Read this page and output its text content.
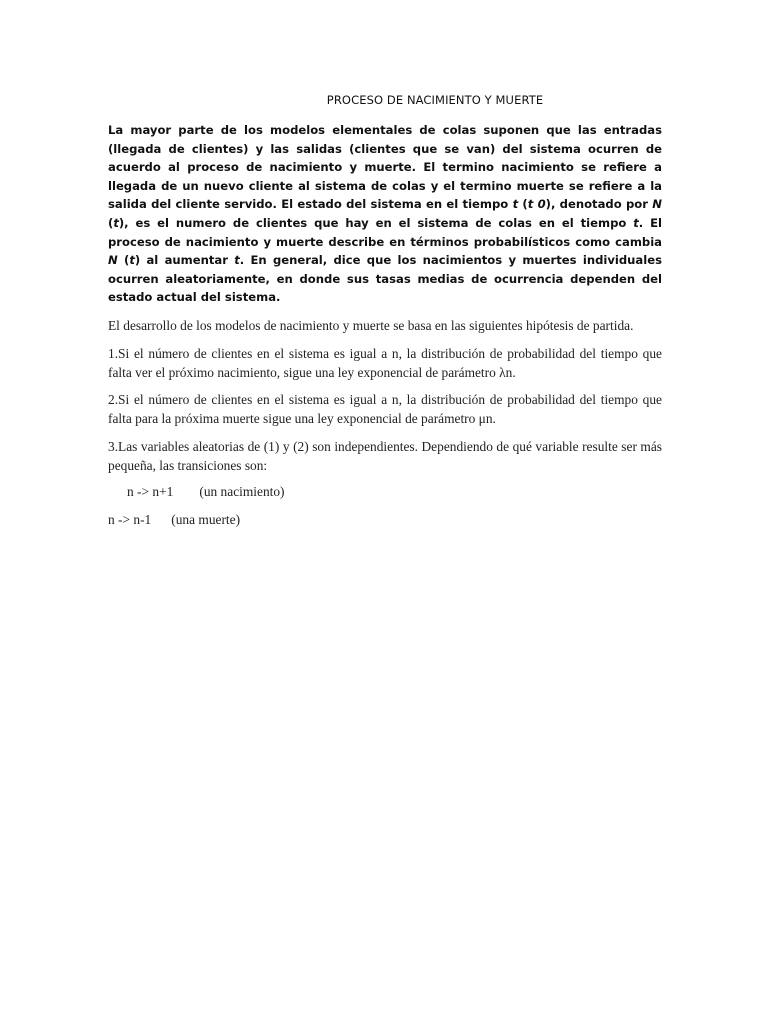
PROCESO DE NACIMIENTO Y MUERTE

La mayor parte de los modelos elementales de colas suponen que las entradas (llegada de clientes) y las salidas (clientes que se van) del sistema ocurren de acuerdo al proceso de nacimiento y muerte. El termino nacimiento se refiere a llegada de un nuevo cliente al sistema de colas y el termino muerte se refiere a la salida del cliente servido. El estado del sistema en el tiempo t (t 0), denotado por N (t), es el numero de clientes que hay en el sistema de colas en el tiempo t. El proceso de nacimiento y muerte describe en términos probabilísticos como cambia N (t) al aumentar t. En general, dice que los nacimientos y muertes individuales ocurren aleatoriamente, en donde sus tasas medias de ocurrencia dependen del estado actual del sistema.

El desarrollo de los modelos de nacimiento y muerte se basa en las siguientes hipótesis de partida.

1.Si el número de clientes en el sistema es igual a n, la distribución de probabilidad del tiempo que falta ver el próximo nacimiento, sigue una ley exponencial de parámetro λn.

2.Si el número de clientes en el sistema es igual a n, la distribución de probabilidad del tiempo que falta para la próxima muerte sigue una ley exponencial de parámetro μn.

3.Las variables aleatorias de (1) y (2) son independientes. Dependiendo de qué variable resulte ser más pequeña, las transiciones son:

n -> n+1 (un nacimiento)
n -> n-1 (una muerte)
